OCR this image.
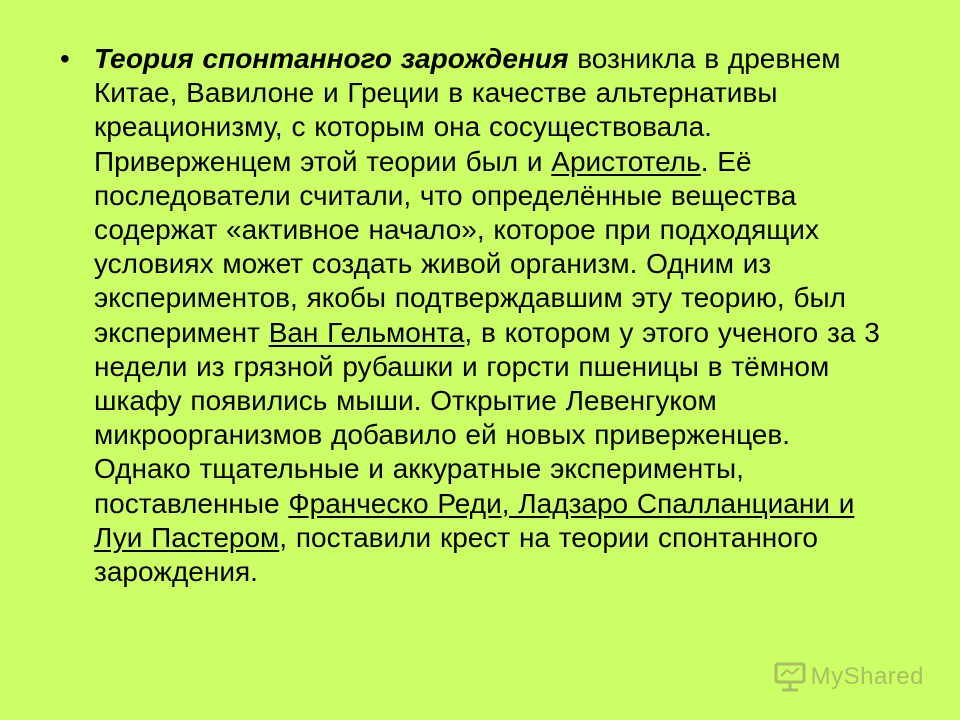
• Теория спонтанного зарождения возникла в древнем Китае, Вавилоне и Греции в качестве альтернативы креационизму, с которым она сосуществовала. Приверженцем этой теории был и Аристотель. Её последователи считали, что определённые вещества содержат «активное начало», которое при подходящих условиях может создать живой организм. Одним из экспериментов, якобы подтверждавшим эту теорию, был эксперимент Ван Гельмонта, в котором у этого ученого за 3 недели из грязной рубашки и горсти пшеницы в тёмном шкафу появились мыши. Открытие Левенгуком микроорганизмов добавило ей новых приверженцев. Однако тщательные и аккуратные эксперименты, поставленные Франческо Реди, Ладзаро Спалланциани и Луи Пастером, поставили крест на теории спонтанного зарождения.

MyShared
